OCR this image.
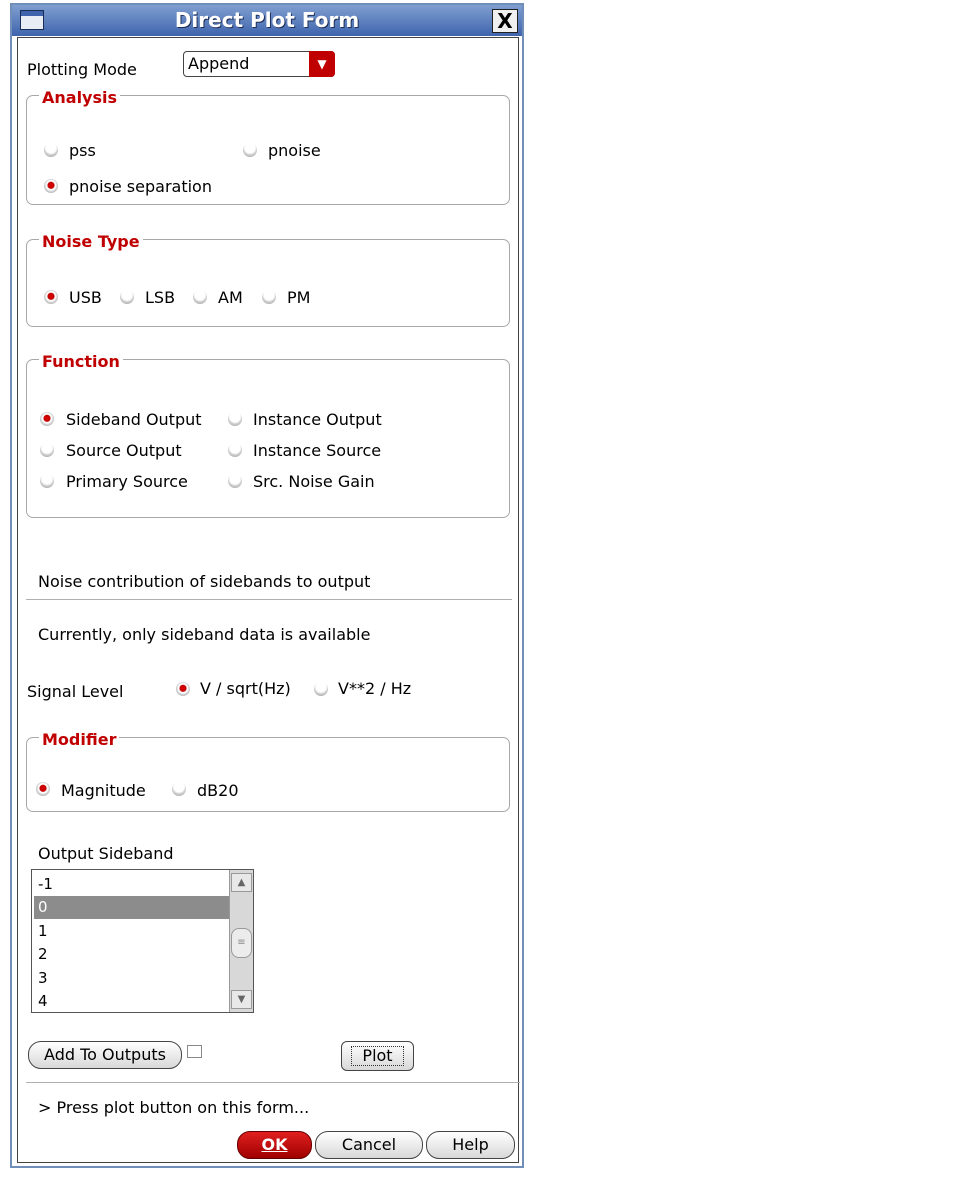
Direct Plot Form	X
Plotting Mode	Append	▼
Analysis
pss	pnoise
pnoise separation
Noise Type
USB	LSB	AM	PM
Function
Sideband Output	Instance Output
Source Output	Instance Source
Primary Source	Src. Noise Gain
Noise contribution of sidebands to output
Currently, only sideband data is available
Signal Level	V / sqrt(Hz)	V**2 / Hz
Modifier
Magnitude	dB20
Output Sideband
-1
0
1
2
3
4
▲
≡
▼
Add To Outputs	Plot
> Press plot button on this form...
OK	Cancel	Help
